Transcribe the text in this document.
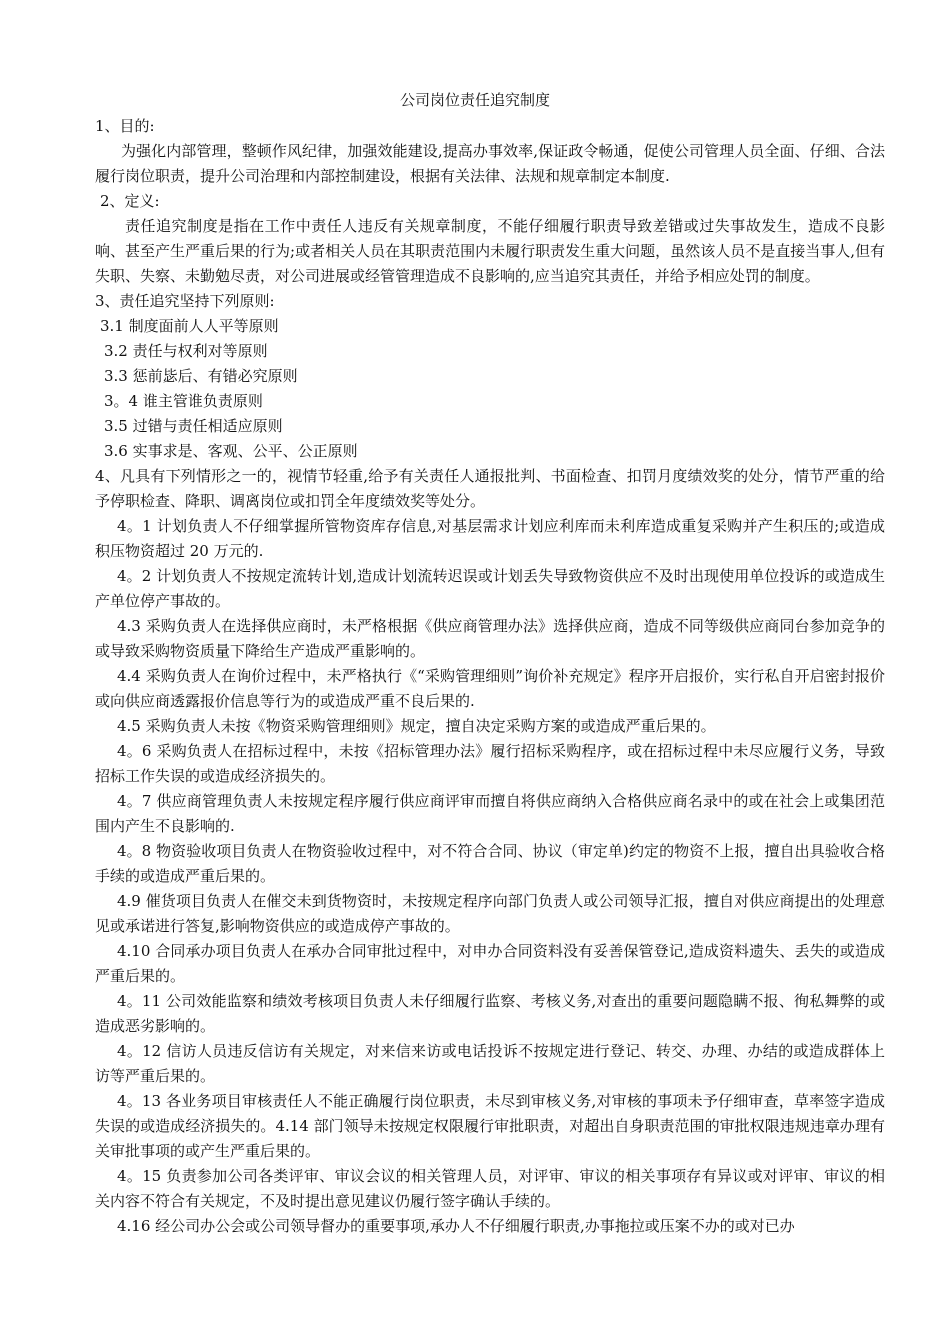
公司岗位责任追究制度

1、目的:

为强化内部管理，整顿作风纪律，加强效能建设,提高办事效率,保证政令畅通，促使公司管理人员全面、仔细、合法履行岗位职责，提升公司治理和内部控制建设，根据有关法律、法规和规章制定本制度.

2、定义:

责任追究制度是指在工作中责任人违反有关规章制度，不能仔细履行职责导致差错或过失事故发生，造成不良影响、甚至产生严重后果的行为;或者相关人员在其职责范围内未履行职责发生重大问题，虽然该人员不是直接当事人,但有失职、失察、未勤勉尽责，对公司进展或经管管理造成不良影响的,应当追究其责任，并给予相应处罚的制度。

3、责任追究坚持下列原则:

3.1 制度面前人人平等原则

3.2 责任与权利对等原则

3.3 惩前毖后、有错必究原则

3。4 谁主管谁负责原则

3.5 过错与责任相适应原则

3.6 实事求是、客观、公平、公正原则

4、凡具有下列情形之一的，视情节轻重,给予有关责任人通报批判、书面检查、扣罚月度绩效奖的处分，情节严重的给予停职检查、降职、调离岗位或扣罚全年度绩效奖等处分。

4。1 计划负责人不仔细掌握所管物资库存信息,对基层需求计划应利库而未利库造成重复采购并产生积压的;或造成积压物资超过 20 万元的.

4。2 计划负责人不按规定流转计划,造成计划流转迟误或计划丢失导致物资供应不及时出现使用单位投诉的或造成生产单位停产事故的。

4.3 采购负责人在选择供应商时，未严格根据《供应商管理办法》选择供应商，造成不同等级供应商同台参加竞争的或导致采购物资质量下降给生产造成严重影响的。

4.4 采购负责人在询价过程中，未严格执行《“采购管理细则”询价补充规定》程序开启报价，实行私自开启密封报价或向供应商透露报价信息等行为的或造成严重不良后果的.

4.5 采购负责人未按《物资采购管理细则》规定，擅自决定采购方案的或造成严重后果的。

4。6 采购负责人在招标过程中，未按《招标管理办法》履行招标采购程序，或在招标过程中未尽应履行义务，导致招标工作失误的或造成经济损失的。

4。7 供应商管理负责人未按规定程序履行供应商评审而擅自将供应商纳入合格供应商名录中的或在社会上或集团范围内产生不良影响的.

4。8 物资验收项目负责人在物资验收过程中，对不符合合同、协议（审定单)约定的物资不上报，擅自出具验收合格手续的或造成严重后果的。

4.9 催货项目负责人在催交未到货物资时，未按规定程序向部门负责人或公司领导汇报，擅自对供应商提出的处理意见或承诺进行答复,影响物资供应的或造成停产事故的。

4.10 合同承办项目负责人在承办合同审批过程中，对申办合同资料没有妥善保管登记,造成资料遗失、丢失的或造成严重后果的。

4。11 公司效能监察和绩效考核项目负责人未仔细履行监察、考核义务,对查出的重要问题隐瞒不报、徇私舞弊的或造成恶劣影响的。

4。12 信访人员违反信访有关规定，对来信来访或电话投诉不按规定进行登记、转交、办理、办结的或造成群体上访等严重后果的。

4。13 各业务项目审核责任人不能正确履行岗位职责，未尽到审核义务,对审核的事项未予仔细审查，草率签字造成失误的或造成经济损失的。4.14 部门领导未按规定权限履行审批职责，对超出自身职责范围的审批权限违规违章办理有关审批事项的或产生严重后果的。

4。15 负责参加公司各类评审、审议会议的相关管理人员，对评审、审议的相关事项存有异议或对评审、审议的相关内容不符合有关规定，不及时提出意见建议仍履行签字确认手续的。

4.16 经公司办公会或公司领导督办的重要事项,承办人不仔细履行职责,办事拖拉或压案不办的或对已办
